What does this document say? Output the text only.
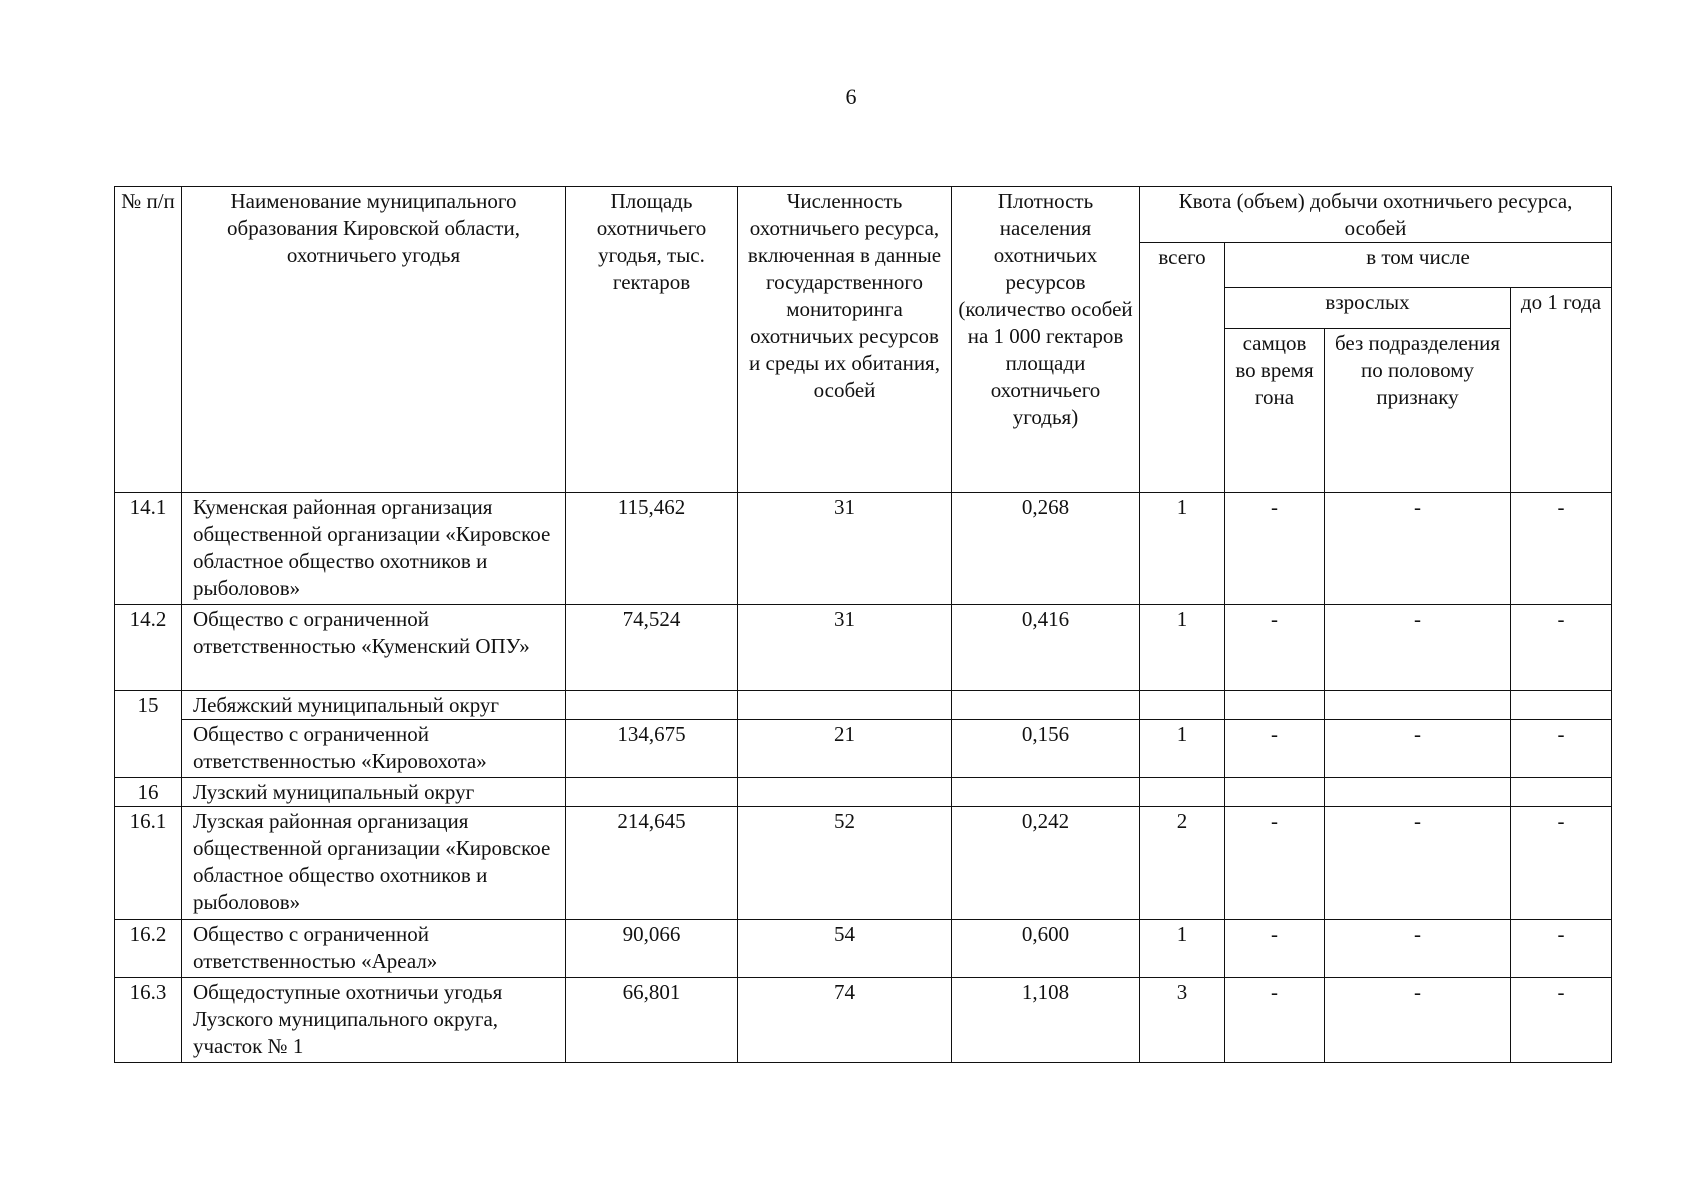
6
№ п/п	Наименование муниципального образования Кировской области, охотничьего угодья	Площадь охотничьего угодья, тыс. гектаров	Численность охотничьего ресурса, включенная в данные государственного мониторинга охотничьих ресурсов и среды их обитания, особей	Плотность населения охотничьих ресурсов (количество особей на 1 000 гектаров площади охотничьего угодья)	Квота (объем) добычи охотничьего ресурса, особей			
					всего	в том числе		
						взрослых		до 1 года
						самцов во время гона	без подразделения по половому признаку	
14.1	Куменская районная организация общественной организации «Кировское областное общество охотников и рыболовов»	115,462	31	0,268	1	-	-	-
14.2	Общество с ограниченной ответственностью «Куменский ОПУ»	74,524	31	0,416	1	-	-	-
15	Лебяжский муниципальный округ							
	Общество с ограниченной ответственностью «Кировохота»	134,675	21	0,156	1	-	-	-
16	Лузский муниципальный округ							
16.1	Лузская районная организация общественной организации «Кировское областное общество охотников и рыболовов»	214,645	52	0,242	2	-	-	-
16.2	Общество с ограниченной ответственностью «Ареал»	90,066	54	0,600	1	-	-	-
16.3	Общедоступные охотничьи угодья Лузского муниципального округа, участок № 1	66,801	74	1,108	3	-	-	-
